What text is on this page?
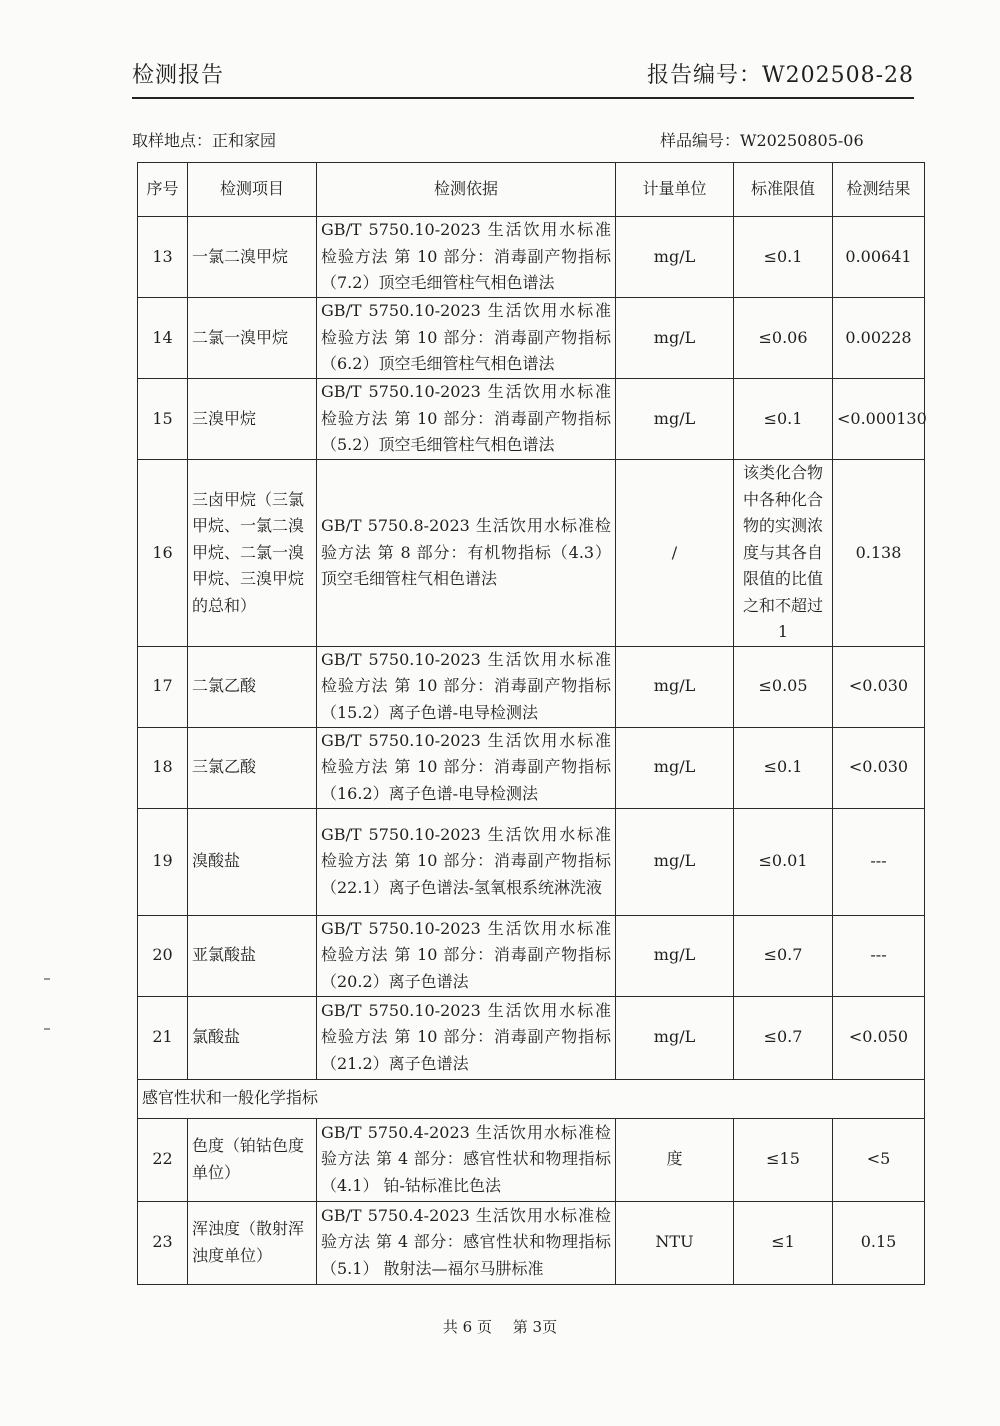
检测报告	报告编号：W202508-28
取样地点：正和家园	样品编号：W20250805-06
序号	检测项目	检测依据	计量单位	标准限值	检测结果
13	一氯二溴甲烷	GB/T 5750.10-2023 生活饮用水标准检验方法 第 10 部分：消毒副产物指标（7.2）顶空毛细管柱气相色谱法	mg/L	≤0.1	0.00641
14	二氯一溴甲烷	GB/T 5750.10-2023 生活饮用水标准检验方法 第 10 部分：消毒副产物指标（6.2）顶空毛细管柱气相色谱法	mg/L	≤0.06	0.00228
15	三溴甲烷	GB/T 5750.10-2023 生活饮用水标准检验方法 第 10 部分：消毒副产物指标（5.2）顶空毛细管柱气相色谱法	mg/L	≤0.1	<0.000130
16	三卤甲烷（三氯甲烷、一氯二溴甲烷、二氯一溴甲烷、三溴甲烷的总和）	GB/T 5750.8-2023 生活饮用水标准检验方法 第 8 部分：有机物指标（4.3）顶空毛细管柱气相色谱法	/	该类化合物中各种化合物的实测浓度与其各自限值的比值之和不超过 1	0.138
17	二氯乙酸	GB/T 5750.10-2023 生活饮用水标准检验方法 第 10 部分：消毒副产物指标（15.2）离子色谱-电导检测法	mg/L	≤0.05	<0.030
18	三氯乙酸	GB/T 5750.10-2023 生活饮用水标准检验方法 第 10 部分：消毒副产物指标（16.2）离子色谱-电导检测法	mg/L	≤0.1	<0.030
19	溴酸盐	GB/T 5750.10-2023 生活饮用水标准检验方法 第 10 部分：消毒副产物指标（22.1）离子色谱法-氢氧根系统淋洗液	mg/L	≤0.01	---
20	亚氯酸盐	GB/T 5750.10-2023 生活饮用水标准检验方法 第 10 部分：消毒副产物指标（20.2）离子色谱法	mg/L	≤0.7	---
21	氯酸盐	GB/T 5750.10-2023 生活饮用水标准检验方法 第 10 部分：消毒副产物指标（21.2）离子色谱法	mg/L	≤0.7	<0.050
感官性状和一般化学指标					
22	色度（铂钴色度单位）	GB/T 5750.4-2023 生活饮用水标准检验方法 第 4 部分：感官性状和物理指标（4.1） 铂-钴标准比色法	度	≤15	<5
23	浑浊度（散射浑浊度单位）	GB/T 5750.4-2023 生活饮用水标准检验方法 第 4 部分：感官性状和物理指标（5.1） 散射法—福尔马肼标准	NTU	≤1	0.15
共 6 页 第 3页
